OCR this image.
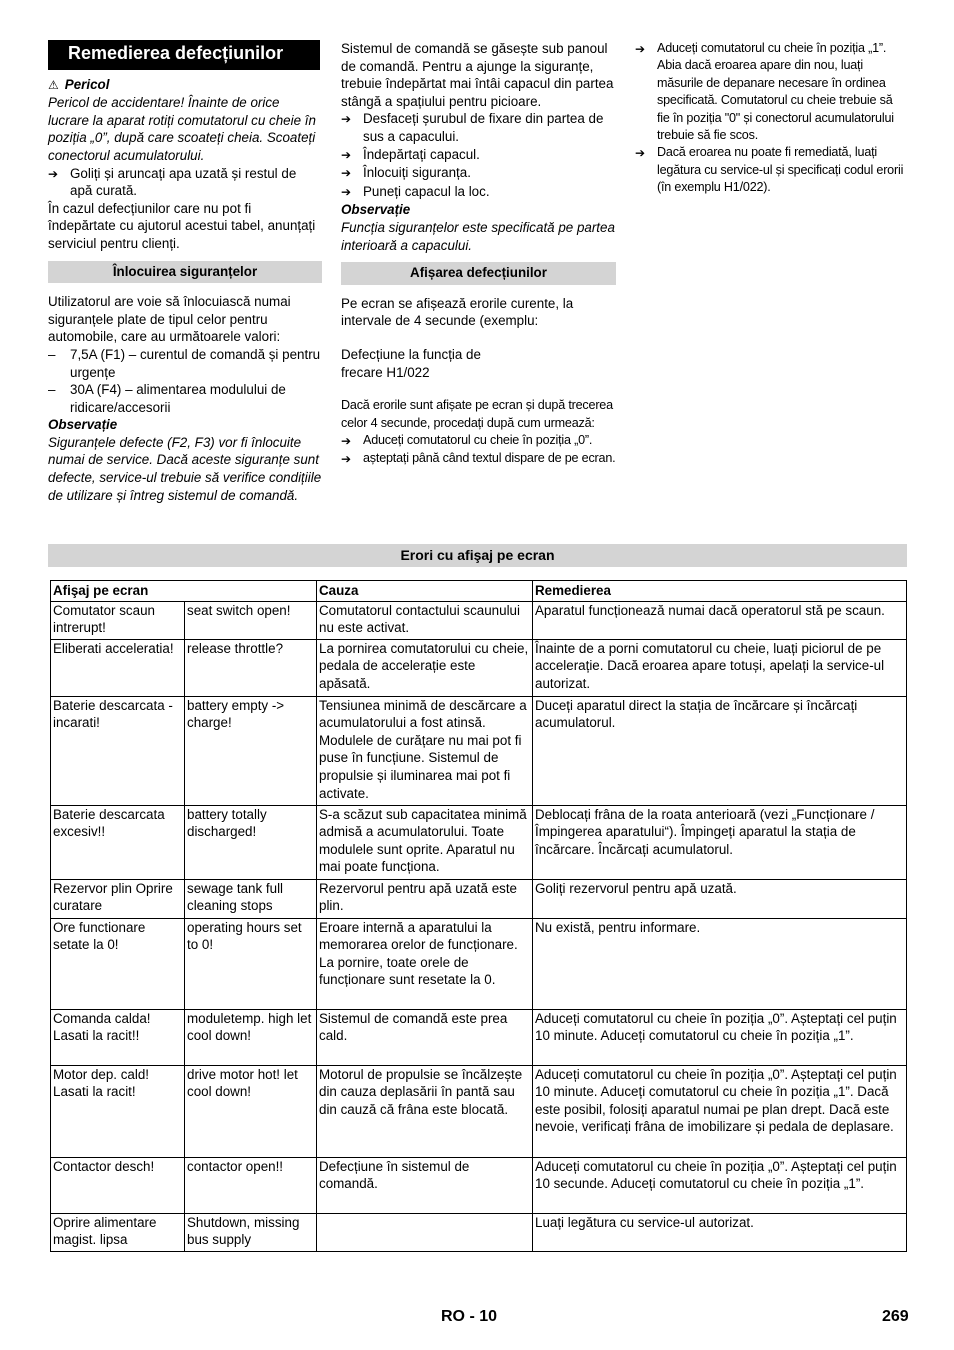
Remedierea defecțiunilor

⚠ Pericol

Pericol de accidentare! Înainte de orice lucrare la aparat rotiți comutatorul cu cheie în poziția „0”, după care scoateți cheia. Scoateți conectorul acumulatorului.

➔ Goliți și aruncați apa uzată și restul de apă curată.

În cazul defecțiunilor care nu pot fi îndepărtate cu ajutorul acestui tabel, anunțați serviciul pentru clienți.

Înlocuirea siguranțelor

Utilizatorul are voie să înlocuiască numai siguranțele plate de tipul celor pentru automobile, care au următoarele valori:

–	7,5A (F1) – curentul de comandă și pentru urgențe
–	30A (F4) – alimentarea modulului de ridicare/accesorii

Observație

Siguranțele defecte (F2, F3) vor fi înlocuite numai de service. Dacă aceste siguranțe sunt defecte, service-ul trebuie să verifice condițiile de utilizare și întreg sistemul de comandă.

Sistemul de comandă se găsește sub panoul de comandă. Pentru a ajunge la siguranțe, trebuie îndepărtat mai întâi capacul din partea stângă a spațiului pentru picioare.

➔ Desfaceți șurubul de fixare din partea de sus a capacului.
➔ Îndepărtați capacul.
➔ Înlocuiți siguranța.
➔ Puneți capacul la loc.

Observație

Funcția siguranțelor este specificată pe partea interioară a capacului.

Afișarea defecțiunilor

Pe ecran se afișează erorile curente, la intervale de 4 secunde (exemplu:

Defecțiune la funcția de frecare H1/022

Dacă erorile sunt afișate pe ecran și după trecerea celor 4 secunde, procedați după cum urmează:

➔ Aduceți comutatorul cu cheie în poziția „0”.
➔ așteptați până când textul dispare de pe ecran.
➔ Aduceți comutatorul cu cheie în poziția „1”. Abia dacă eroarea apare din nou, luați măsurile de depanare necesare în ordinea specificată. Comutatorul cu cheie trebuie să fie în poziția "0" și conectorul acumulatorului trebuie să fie scos.
➔ Dacă eroarea nu poate fi remediată, luați legătura cu service-ul și specificați codul erorii (în exemplu H1/022).
Erori cu afişaj pe ecran
Afişaj pe ecran		Cauza	Remedierea
Comutator scaun intrerupt!	seat switch open!	Comutatorul contactului scaunului nu este activat.	Aparatul funcționează numai dacă operatorul stă pe scaun.
Eliberati acceleratia!	release throttle?	La pornirea comutatorului cu cheie, pedala de accelerație este apăsată.	Înainte de a porni comutatorul cu cheie, luați piciorul de pe accelerație. Dacă eroarea apare totuși, apelați la service-ul autorizat.
Baterie descarcata - incarati!	battery empty -> charge!	Tensiunea minimă de descărcare a acumulatorului a fost atinsă. Modulele de curățare nu mai pot fi puse în funcțiune. Sistemul de propulsie și iluminarea mai pot fi activate.	Duceți aparatul direct la stația de încărcare și încărcați acumulatorul.
Baterie descarcata excesiv!!	battery totally discharged!	S-a scăzut sub capacitatea minimă admisă a acumulatorului. Toate modulele sunt oprite. Aparatul nu mai poate funcționa.	Deblocați frâna de la roata anterioară (vezi „Funcționare / Împingerea aparatului“). Împingeți aparatul la stația de încărcare. Încărcați acumulatorul.
Rezervor plin Oprire curatare	sewage tank full cleaning stops	Rezervorul pentru apă uzată este plin.	Goliți rezervorul pentru apă uzată.
Ore functionare setate la 0!	operating hours set to 0!	Eroare internă a aparatului la memorarea orelor de funcționare. La pornire, toate orele de funcționare sunt resetate la 0.	Nu există, pentru informare.
Comanda calda! Lasati la racit!!	moduletemp. high let cool down!	Sistemul de comandă este prea cald.	Aduceți comutatorul cu cheie în poziția „0”. Așteptați cel puțin 10 minute. Aduceți comutatorul cu cheie în poziția „1”.
Motor dep. cald! Lasati la racit!	drive motor hot! let cool down!	Motorul de propulsie se încălzește din cauza deplasării în pantă sau din cauză că frâna este blocată.	Aduceți comutatorul cu cheie în poziția „0”. Așteptați cel puțin 10 minute. Aduceți comutatorul cu cheie în poziția „1”. Dacă este posibil, folosiți aparatul numai pe plan drept. Dacă este nevoie, verificați frâna de imobilizare și pedala de deplasare.
Contactor desch!	contactor open!!	Defecțiune în sistemul de comandă.	Aduceți comutatorul cu cheie în poziția „0”. Așteptați cel puțin 10 secunde. Aduceți comutatorul cu cheie în poziția „1”.
Oprire alimentare magist. lipsa	Shutdown, missing bus supply		Luați legătura cu service-ul autorizat.
RO - 10	269
